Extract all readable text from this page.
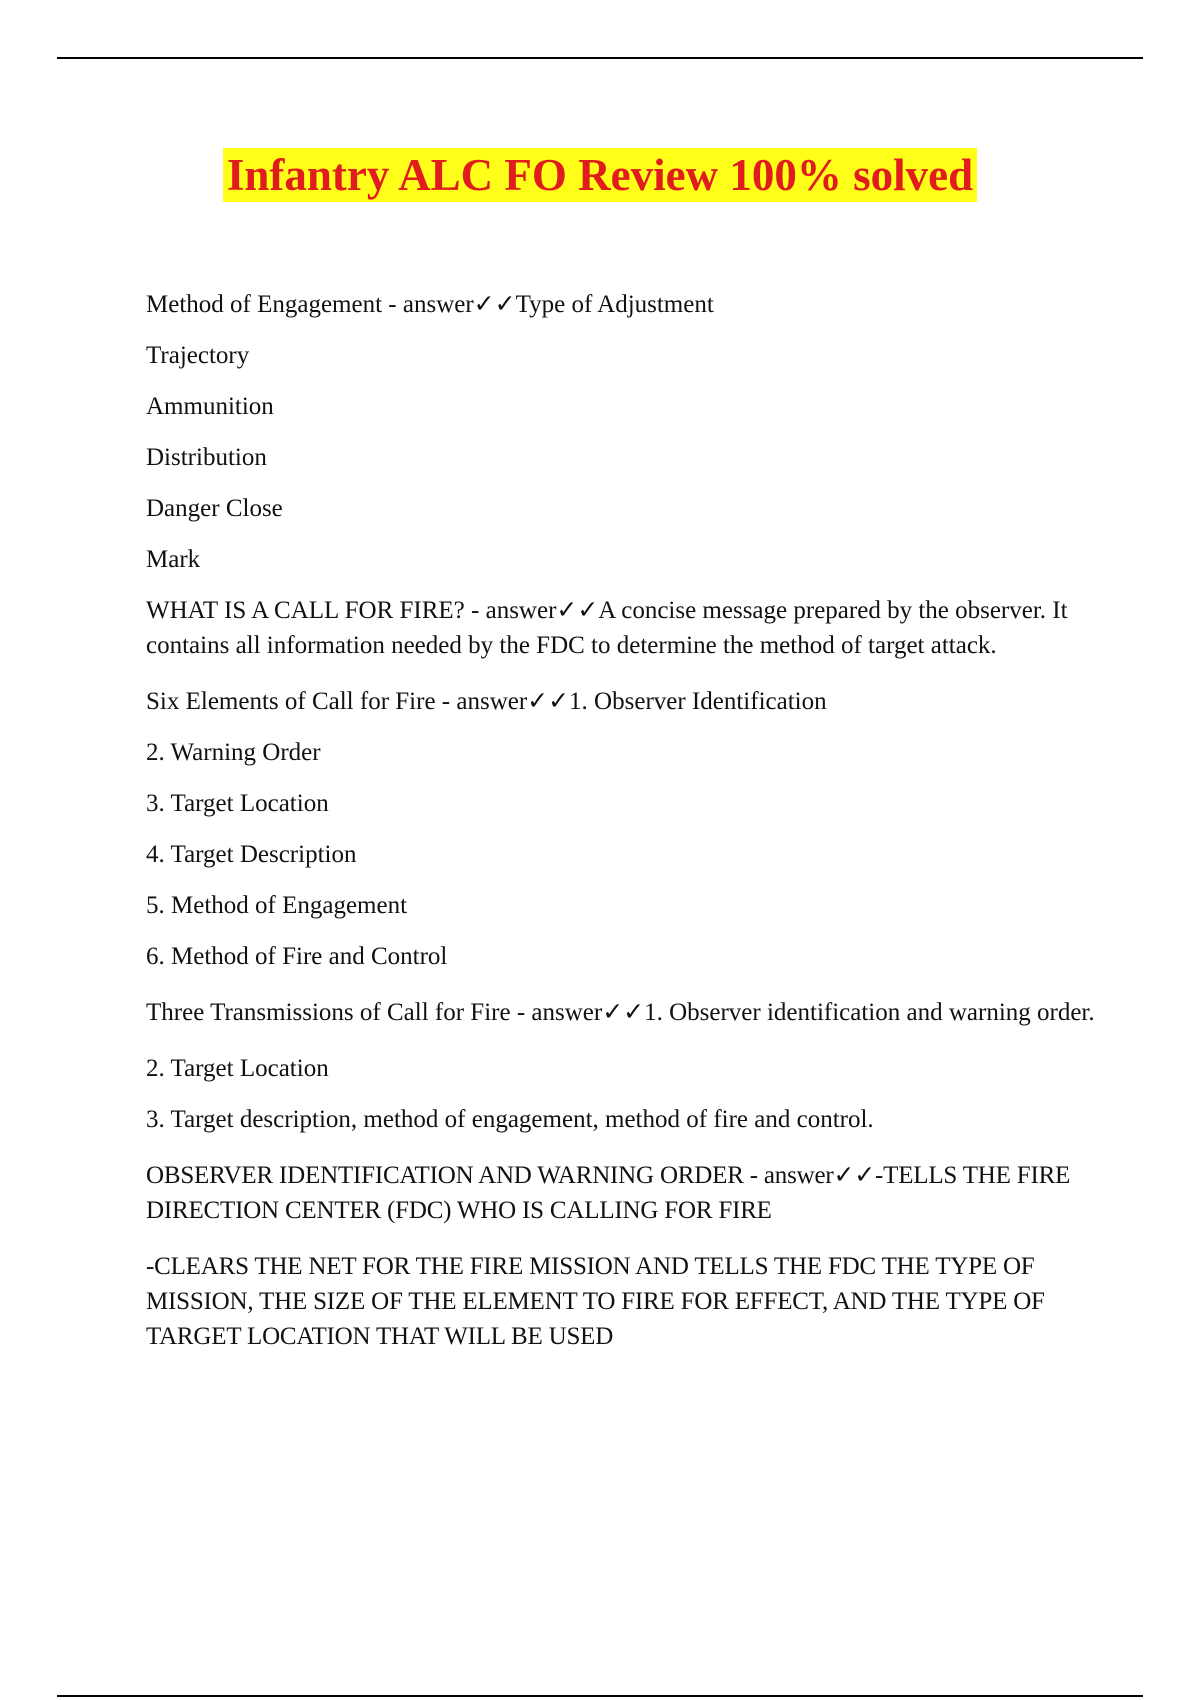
Infantry ALC FO Review 100% solved

Method of Engagement - answer✓✓Type of Adjustment

Trajectory

Ammunition

Distribution

Danger Close

Mark

WHAT IS A CALL FOR FIRE? - answer✓✓A concise message prepared by the observer. It contains all information needed by the FDC to determine the method of target attack.

Six Elements of Call for Fire - answer✓✓1. Observer Identification

2. Warning Order

3. Target Location

4. Target Description

5. Method of Engagement

6. Method of Fire and Control

Three Transmissions of Call for Fire - answer✓✓1. Observer identification and warning order.

2. Target Location

3. Target description, method of engagement, method of fire and control.

OBSERVER IDENTIFICATION AND WARNING ORDER - answer✓✓-TELLS THE FIRE DIRECTION CENTER (FDC) WHO IS CALLING FOR FIRE

-CLEARS THE NET FOR THE FIRE MISSION AND TELLS THE FDC THE TYPE OF MISSION, THE SIZE OF THE ELEMENT TO FIRE FOR EFFECT, AND THE TYPE OF TARGET LOCATION THAT WILL BE USED
